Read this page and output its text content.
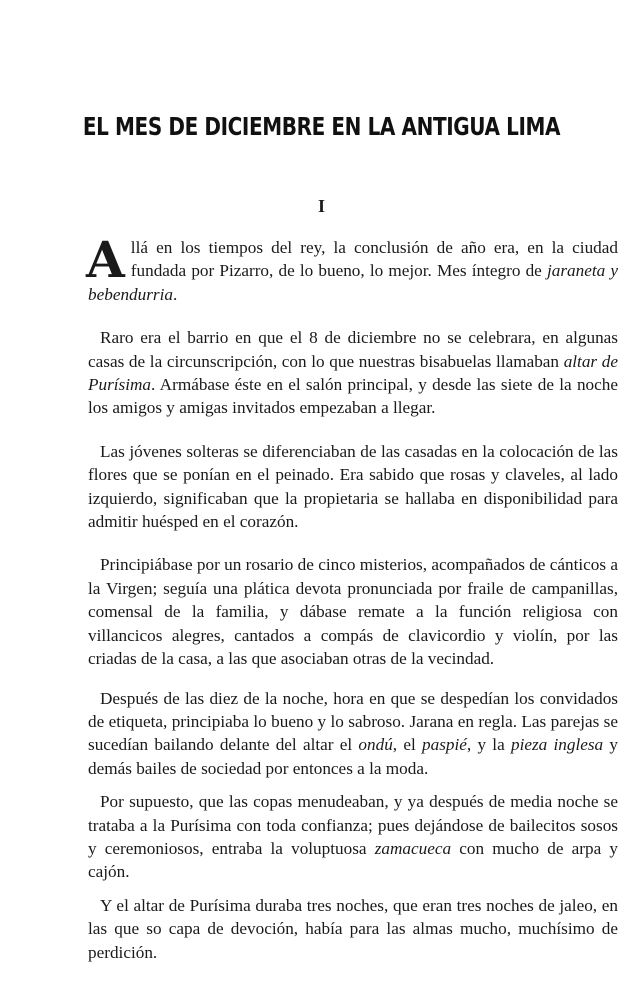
EL MES DE DICIEMBRE EN LA ANTIGUA LIMA
I

Allá en los tiempos del rey, la conclusión de año era, en la ciudad fundada por Pizarro, de lo bueno, lo mejor. Mes íntegro de jaraneta y bebendurria.

Raro era el barrio en que el 8 de diciembre no se celebrara, en algunas casas de la circunscripción, con lo que nuestras bisabuelas llamaban altar de Purísima. Armábase éste en el salón principal, y desde las siete de la noche los amigos y amigas invitados empezaban a llegar.

Las jóvenes solteras se diferenciaban de las casadas en la colocación de las flores que se ponían en el peinado. Era sabido que rosas y claveles, al lado izquierdo, significaban que la propietaria se hallaba en disponibilidad para admitir huésped en el corazón.

Principiábase por un rosario de cinco misterios, acompañados de cánticos a la Virgen; seguía una plática devota pronunciada por fraile de campanillas, comensal de la familia, y dábase remate a la función religiosa con villancicos alegres, cantados a compás de clavicordio y violín, por las criadas de la casa, a las que asociaban otras de la vecindad.

Después de las diez de la noche, hora en que se despedían los convidados de etiqueta, principiaba lo bueno y lo sabroso. Jarana en regla. Las parejas se sucedían bailando delante del altar el ondú, el paspié, y la pieza inglesa y demás bailes de sociedad por entonces a la moda.

Por supuesto, que las copas menudeaban, y ya después de media noche se trataba a la Purísima con toda confianza; pues dejándose de bailecitos sosos y ceremoniosos, entraba la voluptuosa zamacueca con mucho de arpa y cajón.

Y el altar de Purísima duraba tres noches, que eran tres noches de jaleo, en las que so capa de devoción, había para las almas mucho, muchísimo de perdición.
